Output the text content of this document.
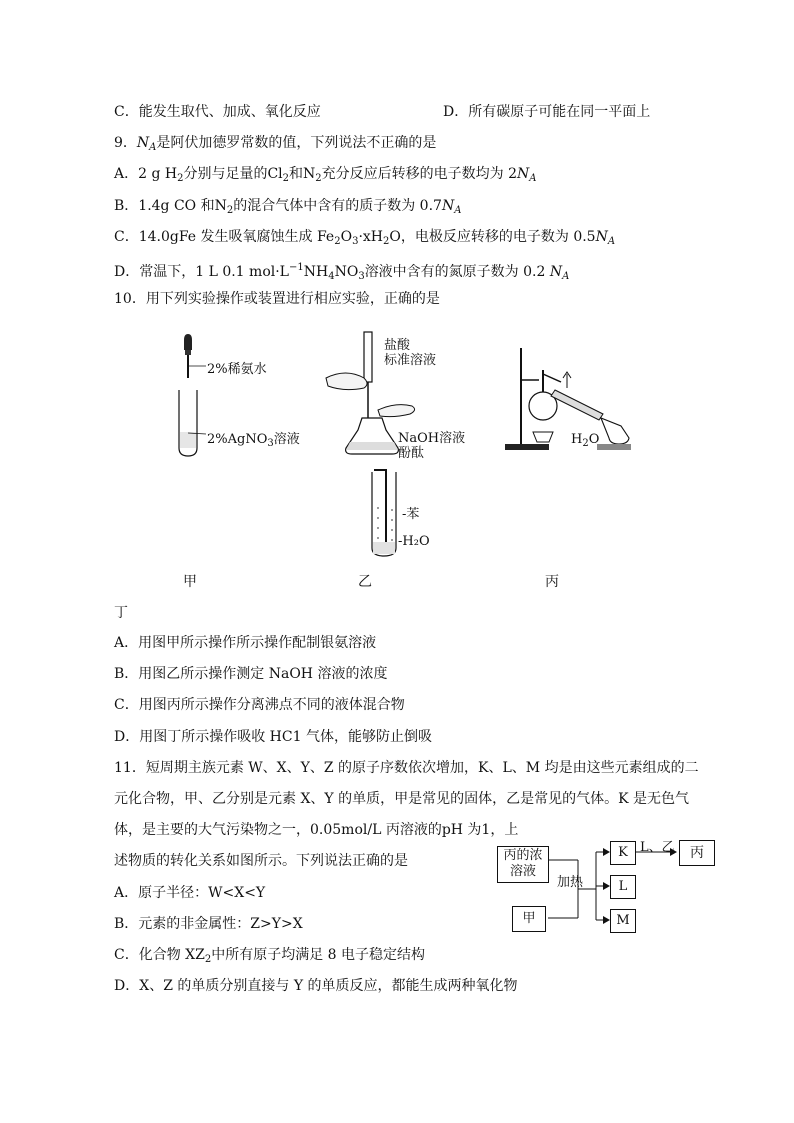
C．能发生取代、加成、氧化反应	D．所有碳原子可能在同一平面上
9．$N_A$是阿伏加德罗常数的值，下列说法不正确的是
A．2 g $H_2$分别与足量的$Cl_2$和$N_2$充分反应后转移的电子数均为 $2N_A$
B．1.4g CO 和$N_2$的混合气体中含有的质子数为 $0.7N_A$
C．14.0gFe 发生吸氧腐蚀生成 $Fe_2O_3\cdot xH_2O$，电极反应转移的电子数为 $0.5N_A$
D．常温下，1 L 0.1 $mol\cdot L^{-1}NH_4NO_3$溶液中含有的氮原子数为 0.2 $N_A$
10．用下列实验操作或装置进行相应实验，正确的是
2%稀氨水
2%AgNO$_3$溶液
盐酸
标准溶液
NaOH溶液
酚酞
$H_2O$
-苯
-H₂O
甲	乙	丙
丁
A．用图甲所示操作所示操作配制银氨溶液
B．用图乙所示操作测定 NaOH 溶液的浓度
C．用图丙所示操作分离沸点不同的液体混合物
D．用图丁所示操作吸收 HC1 气体，能够防止倒吸
11．短周期主族元素 W、X、Y、Z 的原子序数依次增加，K、L、M 均是由这些元素组成的二
元化合物，甲、乙分别是元素 X、Y 的单质，甲是常见的固体，乙是常见的气体。K 是无色气
体，是主要的大气污染物之一，0.05mol/L 丙溶液的pH 为1，上
述物质的转化关系如图所示。下列说法正确的是
A．原子半径：W<X<Y
B．元素的非金属性：Z>Y>X
C．化合物 $XZ_2$中所有原子均满足 8 电子稳定结构
D．X、Z 的单质分别直接与 Y 的单质反应，都能生成两种氧化物
丙的浓
溶液
甲
加热
K
L
M
L、乙	丙
